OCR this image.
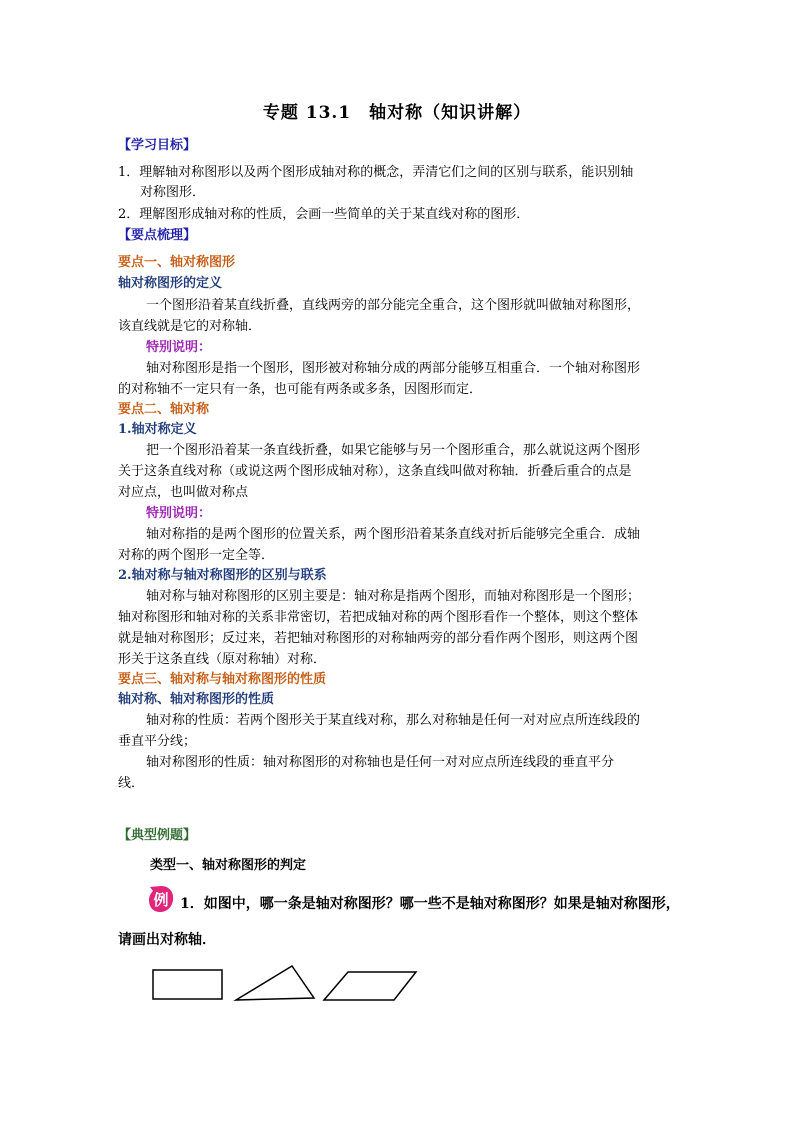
专题 13.1　轴对称（知识讲解）
【学习目标】
1．理解轴对称图形以及两个图形成轴对称的概念，弄清它们之间的区别与联系，能识别轴
对称图形．
2．理解图形成轴对称的性质，会画一些简单的关于某直线对称的图形．
【要点梳理】
要点一、轴对称图形
轴对称图形的定义
一个图形沿着某直线折叠，直线两旁的部分能完全重合，这个图形就叫做轴对称图形，
该直线就是它的对称轴．
特别说明：
轴对称图形是指一个图形，图形被对称轴分成的两部分能够互相重合．一个轴对称图形
的对称轴不一定只有一条，也可能有两条或多条，因图形而定．
要点二、轴对称
1.轴对称定义
把一个图形沿着某一条直线折叠，如果它能够与另一个图形重合，那么就说这两个图形
关于这条直线对称（或说这两个图形成轴对称），这条直线叫做对称轴．折叠后重合的点是
对应点，也叫做对称点
特别说明：
轴对称指的是两个图形的位置关系，两个图形沿着某条直线对折后能够完全重合．成轴
对称的两个图形一定全等．
2.轴对称与轴对称图形的区别与联系
轴对称与轴对称图形的区别主要是：轴对称是指两个图形，而轴对称图形是一个图形；
轴对称图形和轴对称的关系非常密切，若把成轴对称的两个图形看作一个整体，则这个整体
就是轴对称图形；反过来，若把轴对称图形的对称轴两旁的部分看作两个图形，则这两个图
形关于这条直线（原对称轴）对称．
要点三、轴对称与轴对称图形的性质
轴对称、轴对称图形的性质
轴对称的性质：若两个图形关于某直线对称，那么对称轴是任何一对对应点所连线段的
垂直平分线；
轴对称图形的性质：轴对称图形的对称轴也是任何一对对应点所连线段的垂直平分
线．
【典型例题】
类型一、轴对称图形的判定
例 1．如图中，哪一条是轴对称图形？哪一些不是轴对称图形？如果是轴对称图形，
请画出对称轴．
